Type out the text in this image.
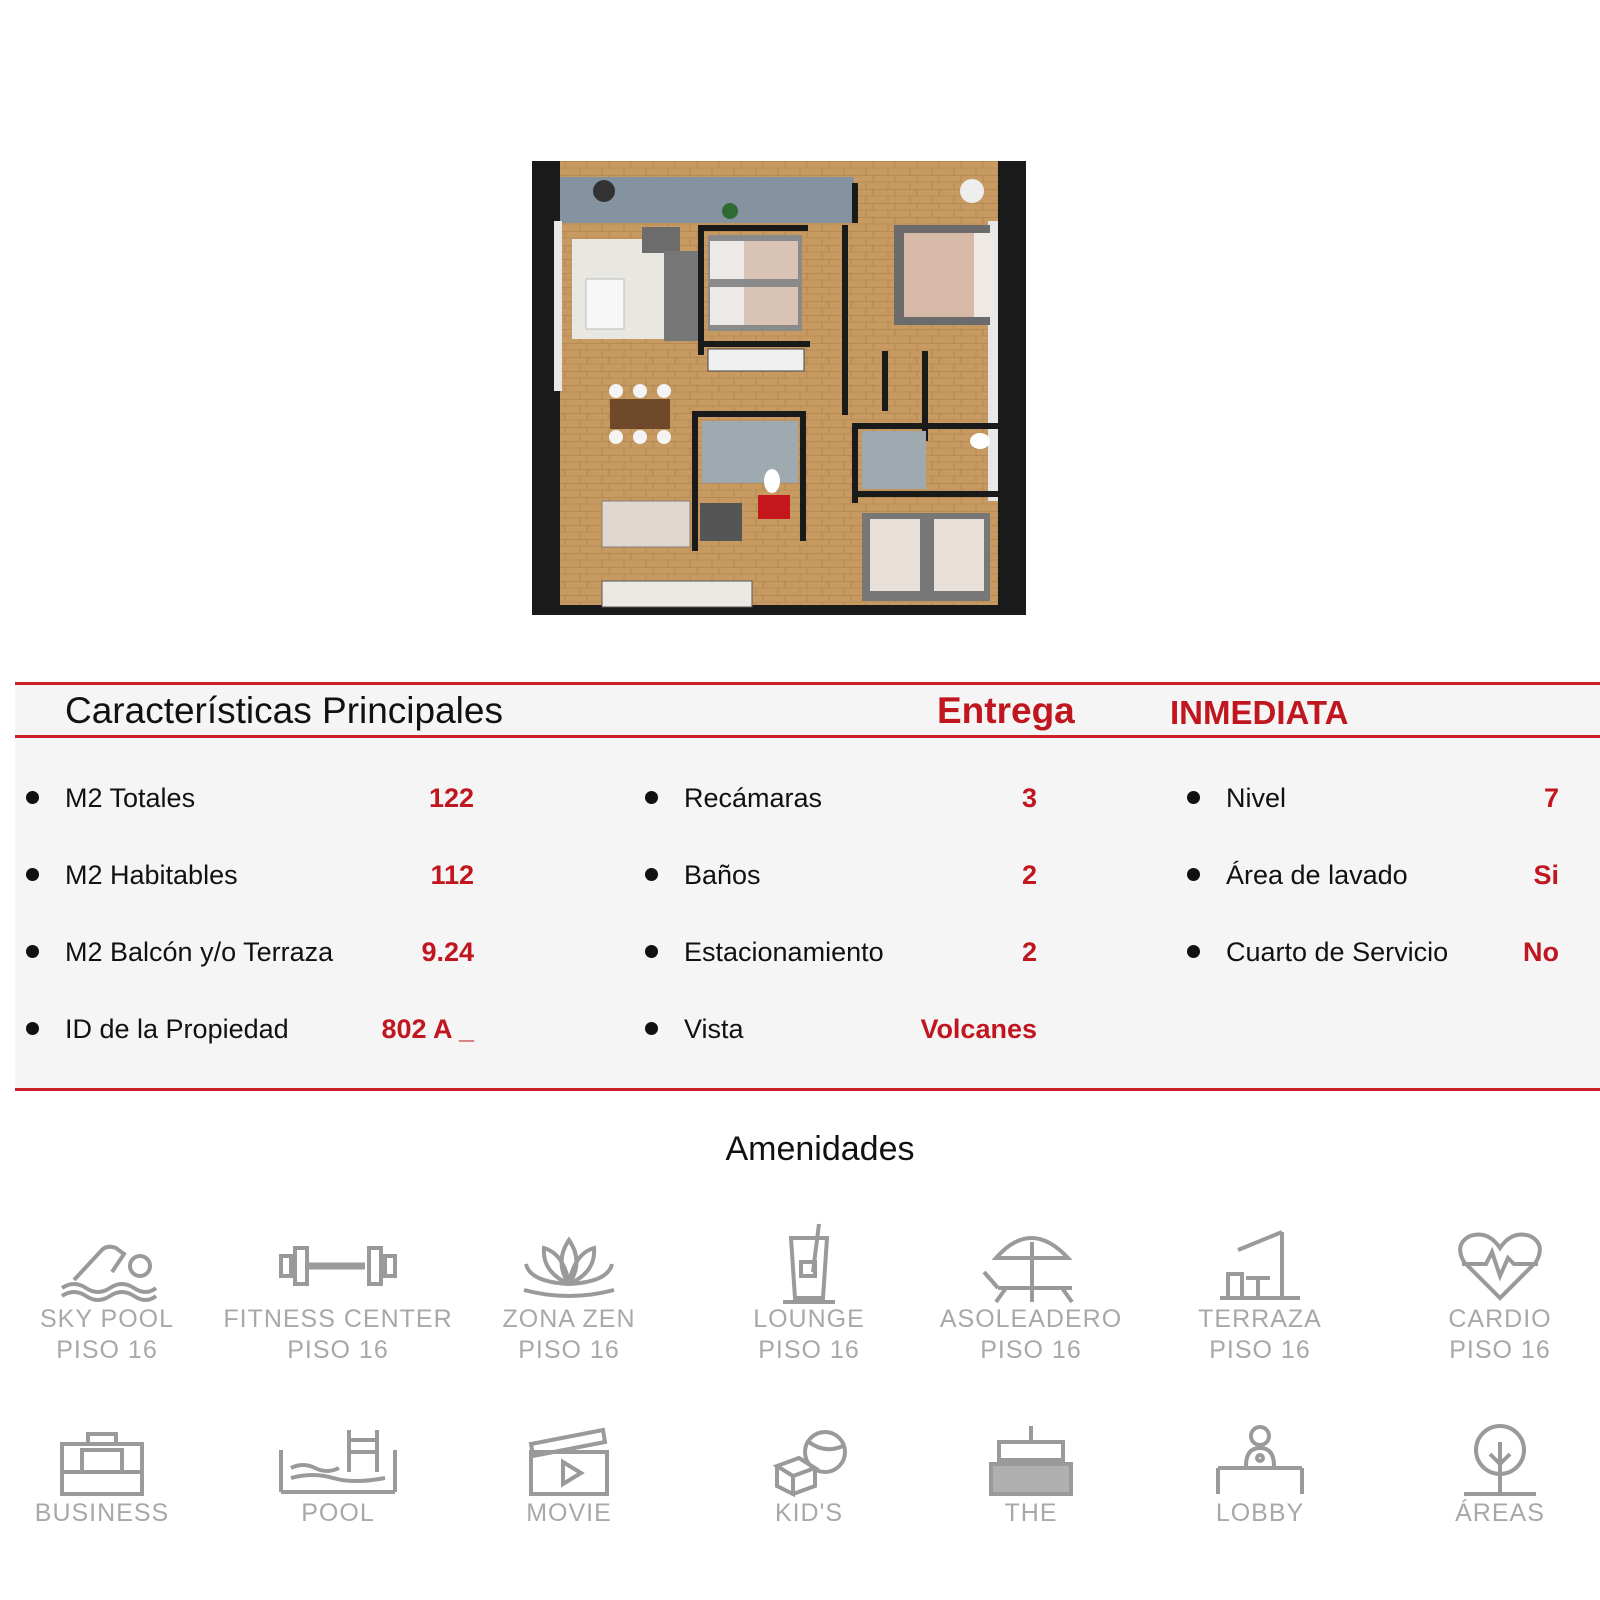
Características Principales	Entrega	INMEDIATA
M2 Totales	122
M2 Habitables	112
M2 Balcón y/o Terraza	9.24
ID de la Propiedad	802 A _
Recámaras	3
Baños	2
Estacionamiento	2
Vista	Volcanes
Nivel	7
Área de lavado	Si
Cuarto de Servicio	No
Amenidades
SKY POOL
PISO 16
FITNESS CENTER
PISO 16
ZONA ZEN
PISO 16
LOUNGE
PISO 16
ASOLEADERO
PISO 16
TERRAZA
PISO 16
CARDIO
PISO 16
BUSINESS	POOL	MOVIE	KID'S	THE	LOBBY	ÁREAS
